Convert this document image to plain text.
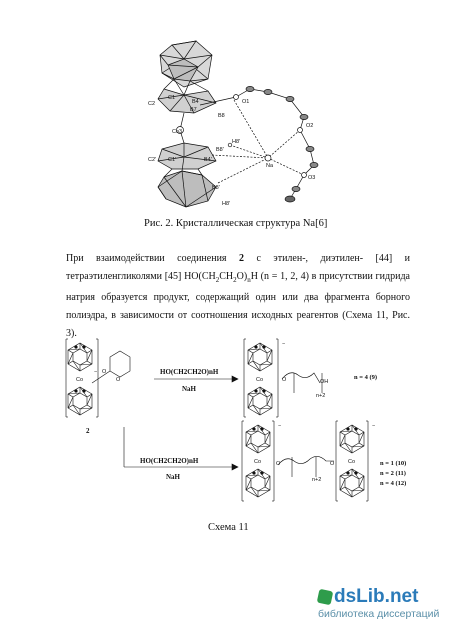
C2
C1
B4
B7
B8
O1
O2
O3
Co3
Na
B8'
H8'
B4'
C2' C1'
B8'
H8'
Рис. 2. Кристаллическая структура Na[6]
При взаимодействии соединения 2 с этилен-, диэтилен- [44] и
тетраэтиленгликолями [45] $HO(CH_2CH_2O)_nH$ (n = 1, 2, 4) в присутствии гидрида
натрия образуется продукт, содержащий один или два фрагмента борного
полиэдра, в зависимости от соотношения исходных реагентов (Схема 11, Рис. 3).
−
Co
O
O
2
HO(CH2CH2O)nH
NaH
−
Co	O	OH
n+2
n = 4 (9)
HO(CH2CH2O)nH
NaH
−	−
Co	Co
O	O
n+2
n = 1 (10)
n = 2 (11)
n = 4 (12)
Схема 11
dsLib.net
библиотека диссертаций
